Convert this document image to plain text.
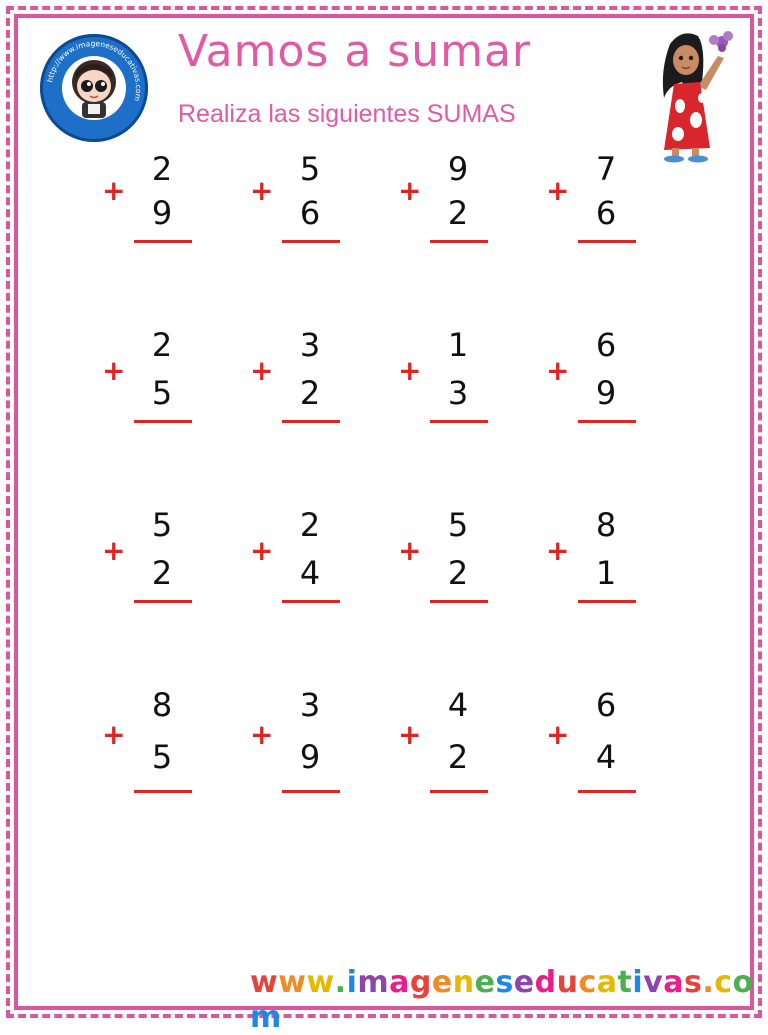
http://www.imageneseducativas.com
Vamos a sumar
Realiza las siguientes SUMAS
+
2
9
+
5
6
+
9
2
+
7
6
+
2
5
+
3
2
+
1
3
+
6
9
+
5
2
+
2
4
+
5
2
+
8
1
+
8
5
+
3
9
+
4
2
+
6
4
www.imageneseducativas.com
